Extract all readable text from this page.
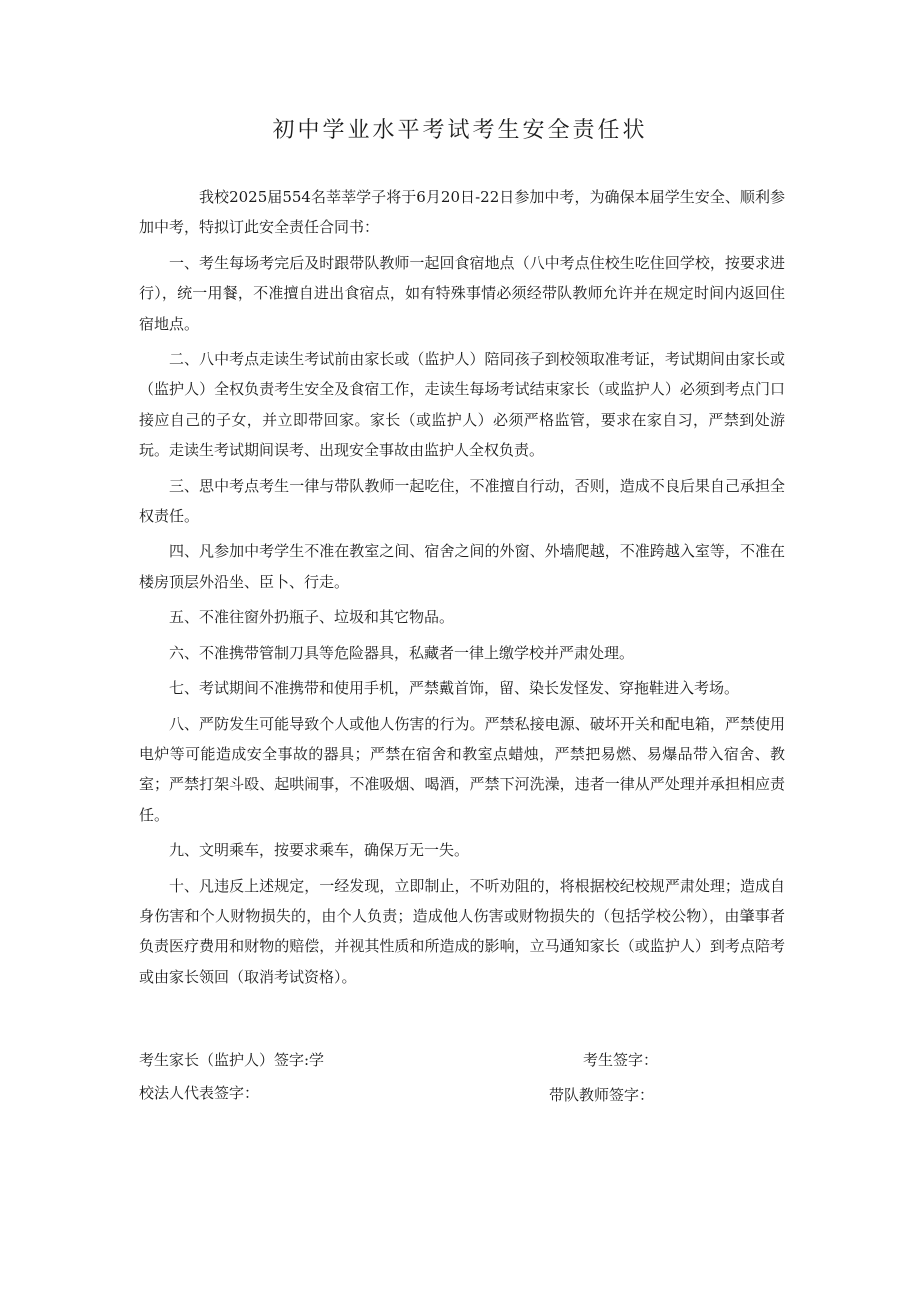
初中学业水平考试考生安全责任状

我校2025届554名莘莘学子将于6月20日-22日参加中考，为确保本届学生安全、顺利参加中考，特拟订此安全责任合同书：

一、考生每场考完后及时跟带队教师一起回食宿地点（八中考点住校生吃住回学校，按要求进行），统一用餐，不准擅自进出食宿点，如有特殊事情必须经带队教师允许并在规定时间内返回住宿地点。

二、八中考点走读生考试前由家长或（监护人）陪同孩子到校领取准考证，考试期间由家长或（监护人）全权负责考生安全及食宿工作，走读生每场考试结束家长（或监护人）必须到考点门口接应自己的子女，并立即带回家。家长（或监护人）必须严格监管，要求在家自习，严禁到处游玩。走读生考试期间误考、出现安全事故由监护人全权负责。

三、思中考点考生一律与带队教师一起吃住，不准擅自行动，否则，造成不良后果自己承担全权责任。

四、凡参加中考学生不准在教室之间、宿舍之间的外窗、外墙爬越，不准跨越入室等，不准在楼房顶层外沿坐、臣卜、行走。

五、不准往窗外扔瓶子、垃圾和其它物品。

六、不准携带管制刀具等危险器具，私藏者一律上缴学校并严肃处理。

七、考试期间不准携带和使用手机，严禁戴首饰，留、染长发怪发、穿拖鞋进入考场。

八、严防发生可能导致个人或他人伤害的行为。严禁私接电源、破坏开关和配电箱，严禁使用电炉等可能造成安全事故的器具；严禁在宿舍和教室点蜡烛，严禁把易燃、易爆品带入宿舍、教室；严禁打架斗殴、起哄闹事，不准吸烟、喝酒，严禁下河洗澡，违者一律从严处理并承担相应责任。

九、文明乘车，按要求乘车，确保万无一失。

十、凡违反上述规定，一经发现，立即制止，不听劝阻的，将根据校纪校规严肃处理；造成自身伤害和个人财物损失的，由个人负责；造成他人伤害或财物损失的（包括学校公物），由肇事者负责医疗费用和财物的赔偿，并视其性质和所造成的影响，立马通知家长（或监护人）到考点陪考或由家长领回（取消考试资格）。

考生家长（监护人）签字:学	考生签字：
校法人代表签字：	带队教师签字：
